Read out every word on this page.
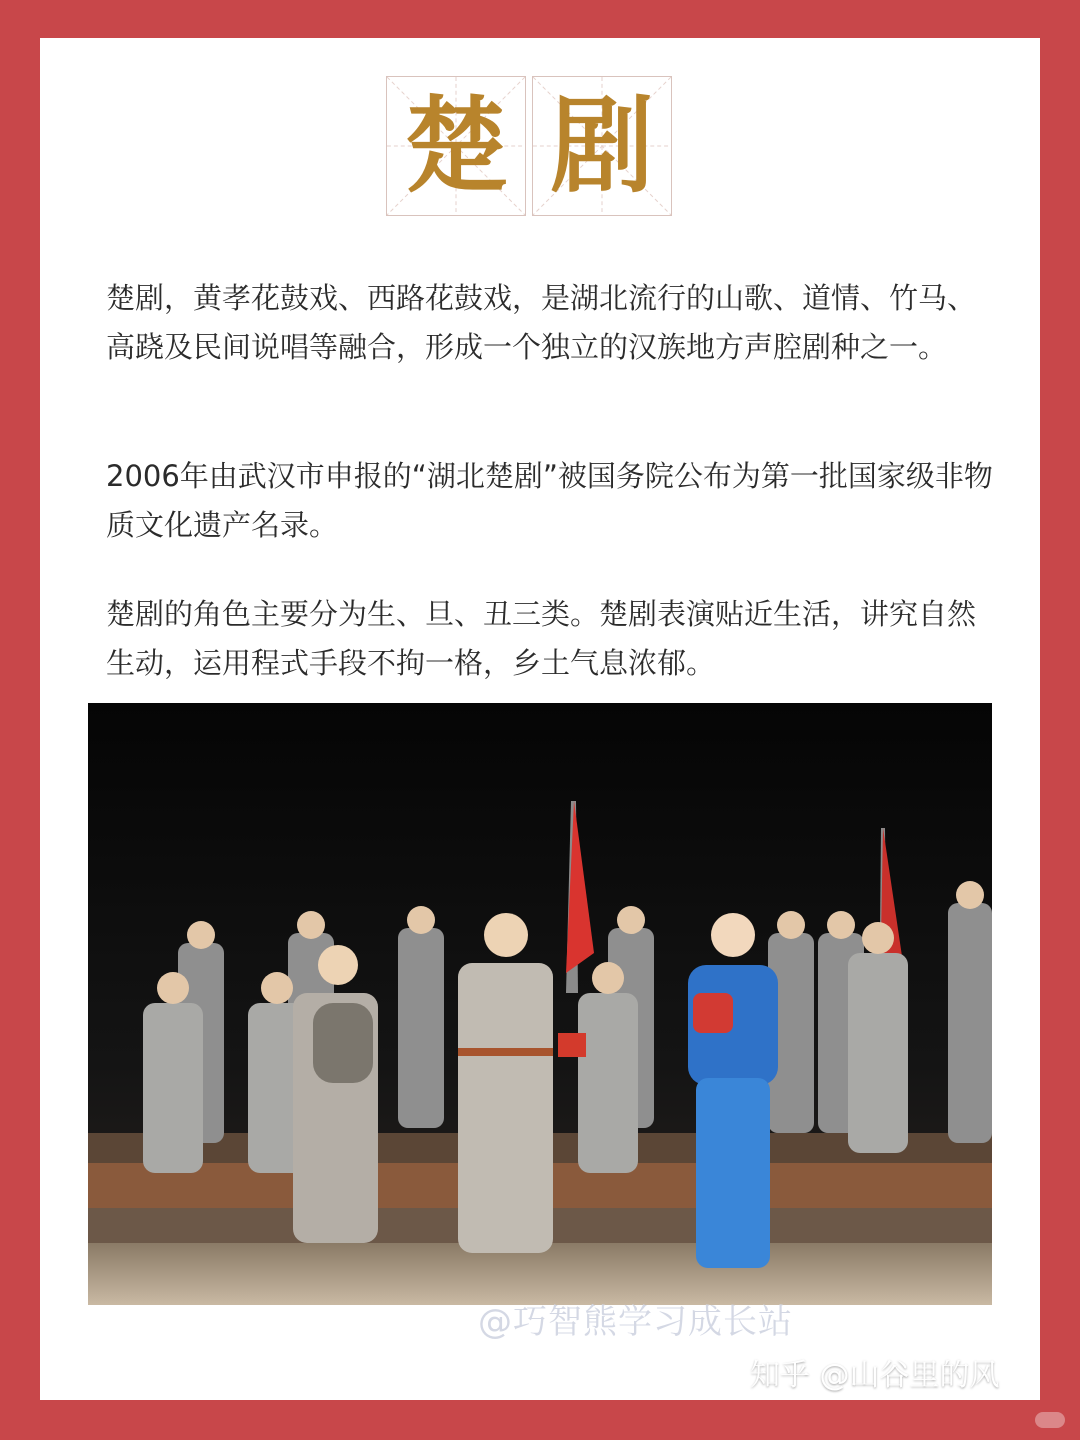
楚 剧

楚剧，黄孝花鼓戏、西路花鼓戏，是湖北流行的山歌、道情、竹马、高跷及民间说唱等融合，形成一个独立的汉族地方声腔剧种之一。

2006年由武汉市申报的“湖北楚剧”被国务院公布为第一批国家级非物质文化遗产名录。

楚剧的角色主要分为生、旦、丑三类。楚剧表演贴近生活，讲究自然生动，运用程式手段不拘一格，乡土气息浓郁。

@巧智熊学习成长站
知乎 @山谷里的风
